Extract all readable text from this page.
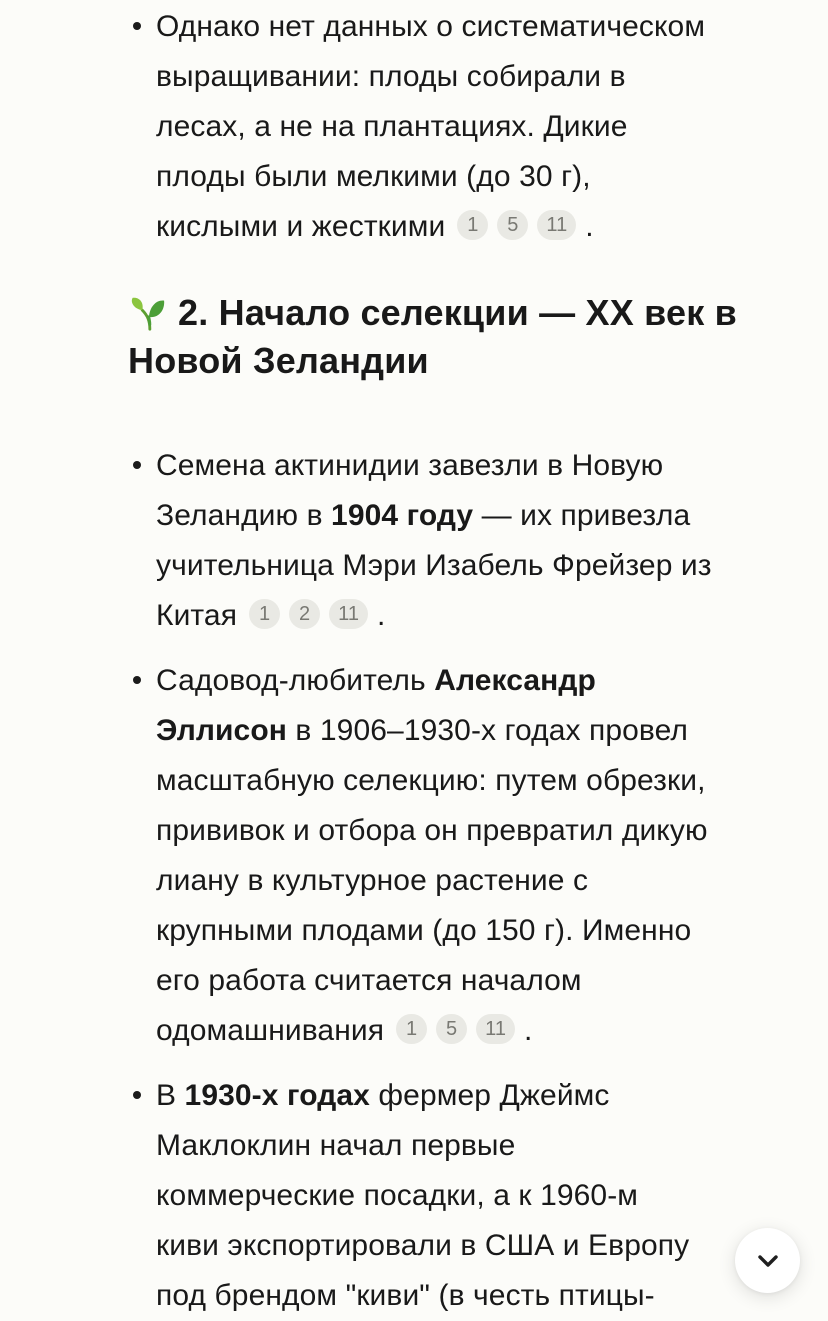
Однако нет данных о систематическом
выращивании: плоды собирали в
лесах, а не на плантациях. Дикие
плоды были мелкими (до 30 г),
кислыми и жесткими	1	5	11 .
2. Начало селекции — XX век в
Новой Зеландии
Семена актинидии завезли в Новую
Зеландию в 1904 году — их привезла
учительница Мэри Изабель Фрейзер из
Китая	1	2	11 .
Садовод-любитель Александр
Эллисон в 1906–1930-х годах провел
масштабную селекцию: путем обрезки,
прививок и отбора он превратил дикую
лиану в культурное растение с
крупными плодами (до 150 г). Именно
его работа считается началом
одомашнивания	1	5	11 .
В 1930-х годах фермер Джеймс
Маклоклин начал первые
коммерческие посадки, а к 1960-м
киви экспортировали в США и Европу
под брендом "киви" (в честь птицы-
